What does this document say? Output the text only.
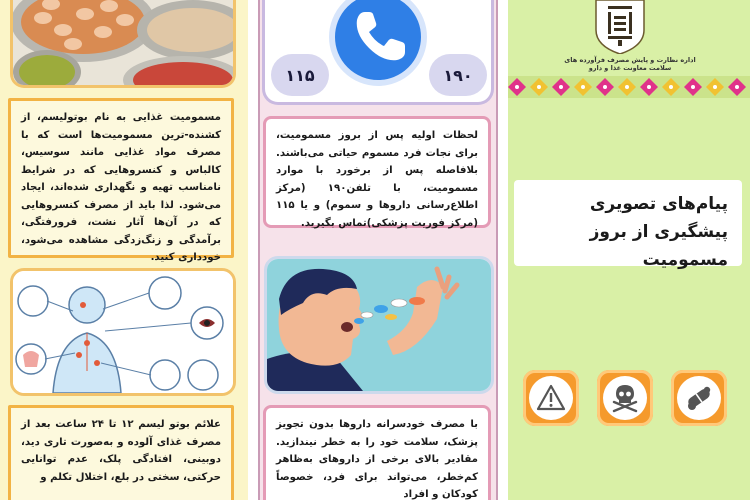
مسمومیت غذایی به نام بوتولیسم، از کشنده-ترین مسمومیت‌ها است که با مصرف مواد غذایی مانند سوسیس، کالباس و کنسروهایی که در شرایط نامناسب تهیه و نگهداری شده‌اند، ایجاد می‌شود. لذا باید از مصرف کنسروهایی که در آن‌ها آثار نشت، فرورفتگی، برآمدگی و زنگ‌زدگی مشاهده می‌شود، خودداری کنید.
علائم بوتو لیسم ۱۲ تا ۲۴ ساعت بعد از مصرف غذای آلوده و به‌صورت تاری دید، دوبینی، افتادگی پلک، عدم توانایی حرکتی، سختی در بلع، اختلال تکلم و
۱۱۵	۱۹۰
لحظات اولیه پس از بروز مسمومیت، برای نجات فرد مسموم حیاتی می‌باشند. بلافاصله پس از برخورد با موارد مسمومیت، با تلفن۱۹۰ (مرکز اطلاع‌رسانی داروها و سموم) و یا ۱۱۵ (مرکز فوریت پزشکی)تماس بگیرید.
با مصرف خودسرانه داروها بدون تجویز پزشک، سلامت خود را به خطر نیندازید. مقادیر بالای برخی از داروهای به‌ظاهر کم‌خطر، می‌تواند برای فرد، خصوصاً کودکان و افراد
اداره نظارت و پایش مصرف فرآورده های
سلامت معاونت غذا و دارو
پیام‌های تصویری پیشگیری از بروز مسمومیت
